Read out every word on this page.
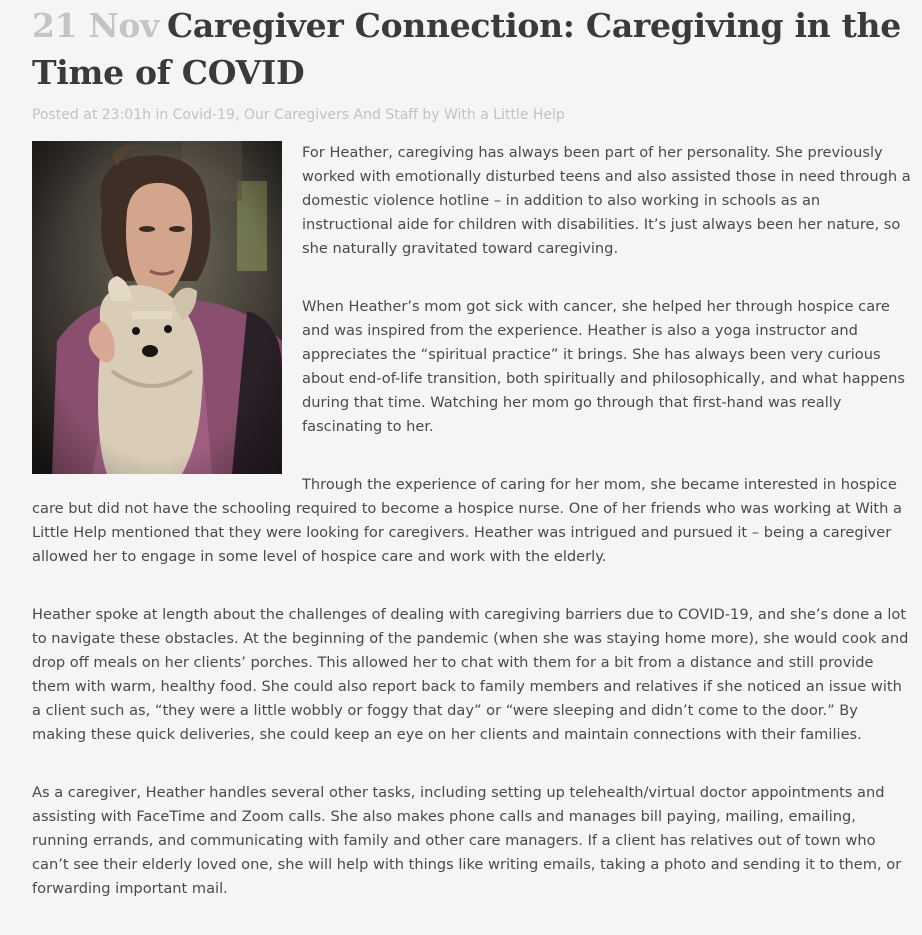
21 Nov Caregiver Connection: Caregiving in the Time of COVID
Posted at 23:01h in Covid-19, Our Caregivers And Staff by With a Little Help

For Heather, caregiving has always been part of her personality. She previously worked with emotionally disturbed teens and also assisted those in need through a domestic violence hotline – in addition to also working in schools as an instructional aide for children with disabilities. It’s just always been her nature, so she naturally gravitated toward caregiving.

When Heather’s mom got sick with cancer, she helped her through hospice care and was inspired from the experience. Heather is also a yoga instructor and appreciates the “spiritual practice” it brings. She has always been very curious about end-of-life transition, both spiritually and philosophically, and what happens during that time. Watching her mom go through that first-hand was really fascinating to her.

Through the experience of caring for her mom, she became interested in hospice care but did not have the schooling required to become a hospice nurse. One of her friends who was working at With a Little Help mentioned that they were looking for caregivers. Heather was intrigued and pursued it – being a caregiver allowed her to engage in some level of hospice care and work with the elderly.

Heather spoke at length about the challenges of dealing with caregiving barriers due to COVID-19, and she’s done a lot to navigate these obstacles. At the beginning of the pandemic (when she was staying home more), she would cook and drop off meals on her clients’ porches. This allowed her to chat with them for a bit from a distance and still provide them with warm, healthy food. She could also report back to family members and relatives if she noticed an issue with a client such as, “they were a little wobbly or foggy that day” or “were sleeping and didn’t come to the door.” By making these quick deliveries, she could keep an eye on her clients and maintain connections with their families.

As a caregiver, Heather handles several other tasks, including setting up telehealth/virtual doctor appointments and assisting with FaceTime and Zoom calls. She also makes phone calls and manages bill paying, mailing, emailing, running errands, and communicating with family and other care managers. If a client has relatives out of town who can’t see their elderly loved one, she will help with things like writing emails, taking a photo and sending it to them, or forwarding important mail.
